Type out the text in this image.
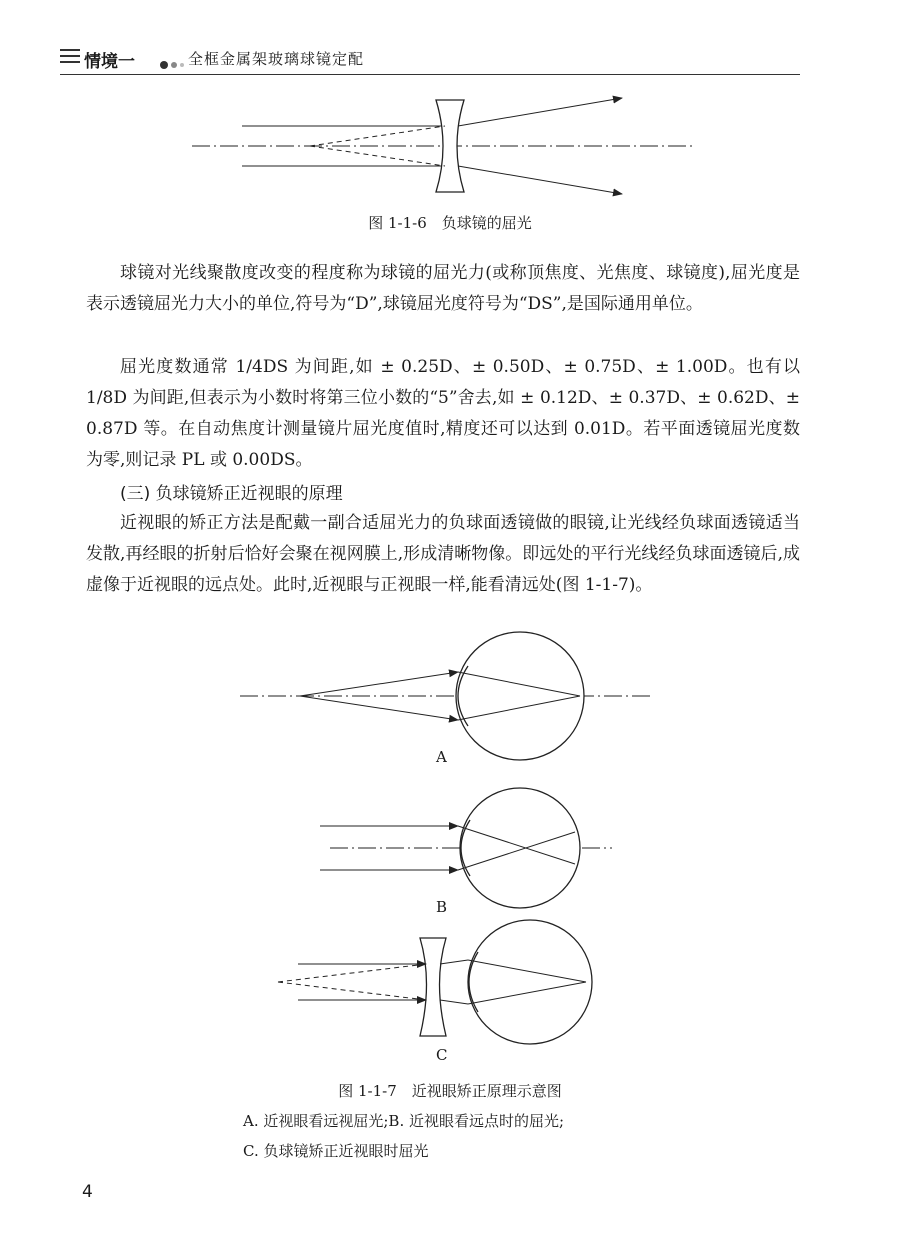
情境一	全框金属架玻璃球镜定配
图 1-1-6　负球镜的屈光

球镜对光线聚散度改变的程度称为球镜的屈光力(或称顶焦度、光焦度、球镜度),屈光度是表示透镜屈光力大小的单位,符号为“D”,球镜屈光度符号为“DS”,是国际通用单位。

屈光度数通常 1/4DS 为间距,如 ± 0.25D、± 0.50D、± 0.75D、± 1.00D。也有以 1/8D 为间距,但表示为小数时将第三位小数的“5”舍去,如 ± 0.12D、± 0.37D、± 0.62D、± 0.87D 等。在自动焦度计测量镜片屈光度值时,精度还可以达到 0.01D。若平面透镜屈光度数为零,则记录 PL 或 0.00DS。

(三) 负球镜矫正近视眼的原理

近视眼的矫正方法是配戴一副合适屈光力的负球面透镜做的眼镜,让光线经负球面透镜适当发散,再经眼的折射后恰好会聚在视网膜上,形成清晰物像。即远处的平行光线经负球面透镜后,成虚像于近视眼的远点处。此时,近视眼与正视眼一样,能看清远处(图 1-1-7)。

A
B
C
图 1-1-7　近视眼矫正原理示意图
A. 近视眼看远视屈光;B. 近视眼看远点时的屈光;
C. 负球镜矫正近视眼时屈光
4
